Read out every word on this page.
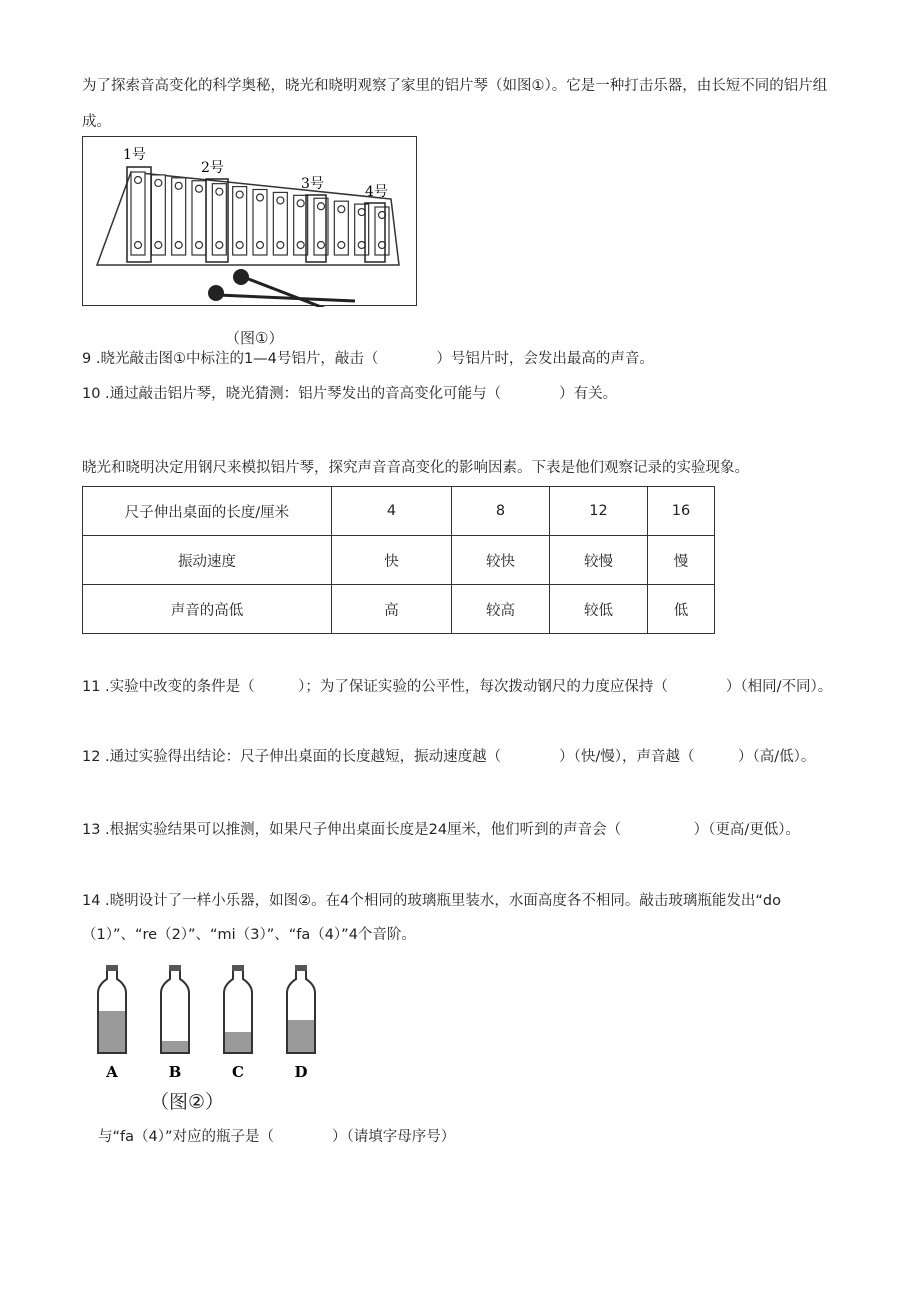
为了探索音高变化的科学奥秘，晓光和晓明观察了家里的铝片琴（如图①）。它是一种打击乐器，由长短不同的铝片组成。

1号
2号
3号	4号
（图①）

9 .晓光敲击图①中标注的1—4号铝片，敲击（　　　　）号铝片时，会发出最高的声音。

10 .通过敲击铝片琴，晓光猜测：铝片琴发出的音高变化可能与（　　　　）有关。

晓光和晓明决定用钢尺来模拟铝片琴，探究声音音高变化的影响因素。下表是他们观察记录的实验现象。

尺子伸出桌面的长度/厘米	4	8	12	16
振动速度	快	较快	较慢	慢
声音的高低	高	较高	较低	低

11 .实验中改变的条件是（　　　）；为了保证实验的公平性，每次拨动钢尺的力度应保持（　　　　）（相同/不同）。

12 .通过实验得出结论：尺子伸出桌面的长度越短，振动速度越（　　　　）（快/慢），声音越（　　　）（高/低）。

13 .根据实验结果可以推测，如果尺子伸出桌面长度是24厘米，他们听到的声音会（　　　　　）（更高/更低）。

14 .晓明设计了一样小乐器，如图②。在4个相同的玻璃瓶里装水，水面高度各不相同。敲击玻璃瓶能发出“do（1）”、“re（2）”、“mi（3）”、“fa（4）”4个音阶。

A	B	C	D
（图②）

与“fa（4）”对应的瓶子是（　　　　）（请填字母序号）
